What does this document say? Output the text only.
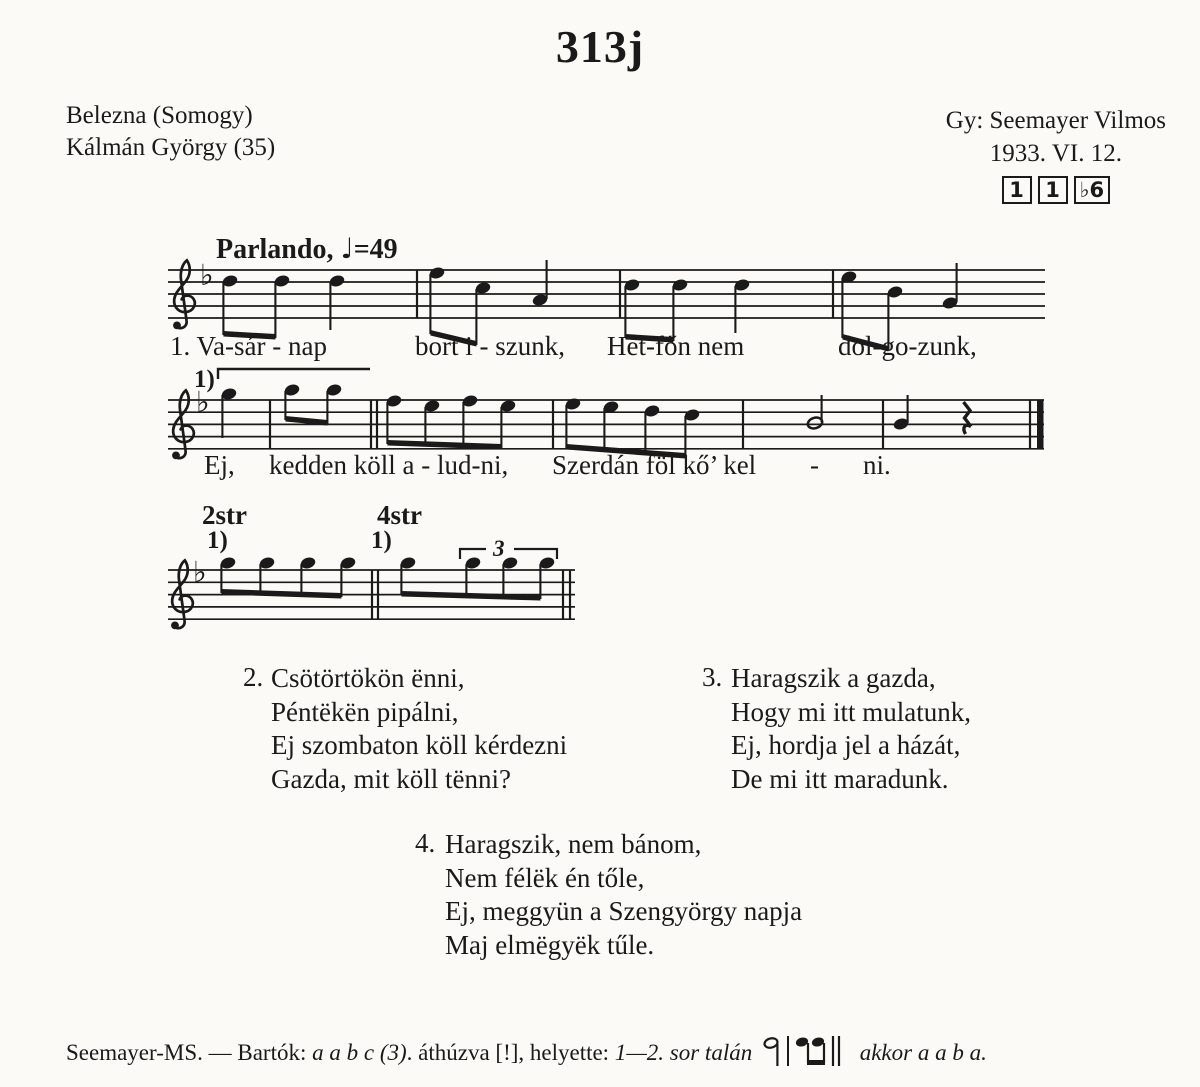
313j
Belezna (Somogy)
Kálmán György (35)
Gy: Seemayer Vilmos
1933. VI. 12.
1 1 ♭6
Parlando, ♩=49
♭
♭
♭
1)
2str	4str
1)	1)	3
1. Va-sár - nap	bort i - szunk, Hét-főn nem	dol-go-zunk,
Ej, kedden köll a - lud-ni, Szerdán föl kő’ kel - ni.
2. Csötörtökön ënni,
Péntëkën pipálni,
Ej szombaton köll kérdezni
Gazda, mit köll tënni?
3. Haragszik a gazda,
Hogy mi itt mulatunk,
Ej, hordja jel a házát,
De mi itt maradunk.
4. Haragszik, nem bánom,
Nem félëk én tőle,
Ej, meggyün a Szengyörgy napja
Maj elmëgyëk tűle.
Seemayer-MS. — Bartók: a a b c (3). áthúzva [!], helyette: 1—2. sor talán	akkor a a b a.
